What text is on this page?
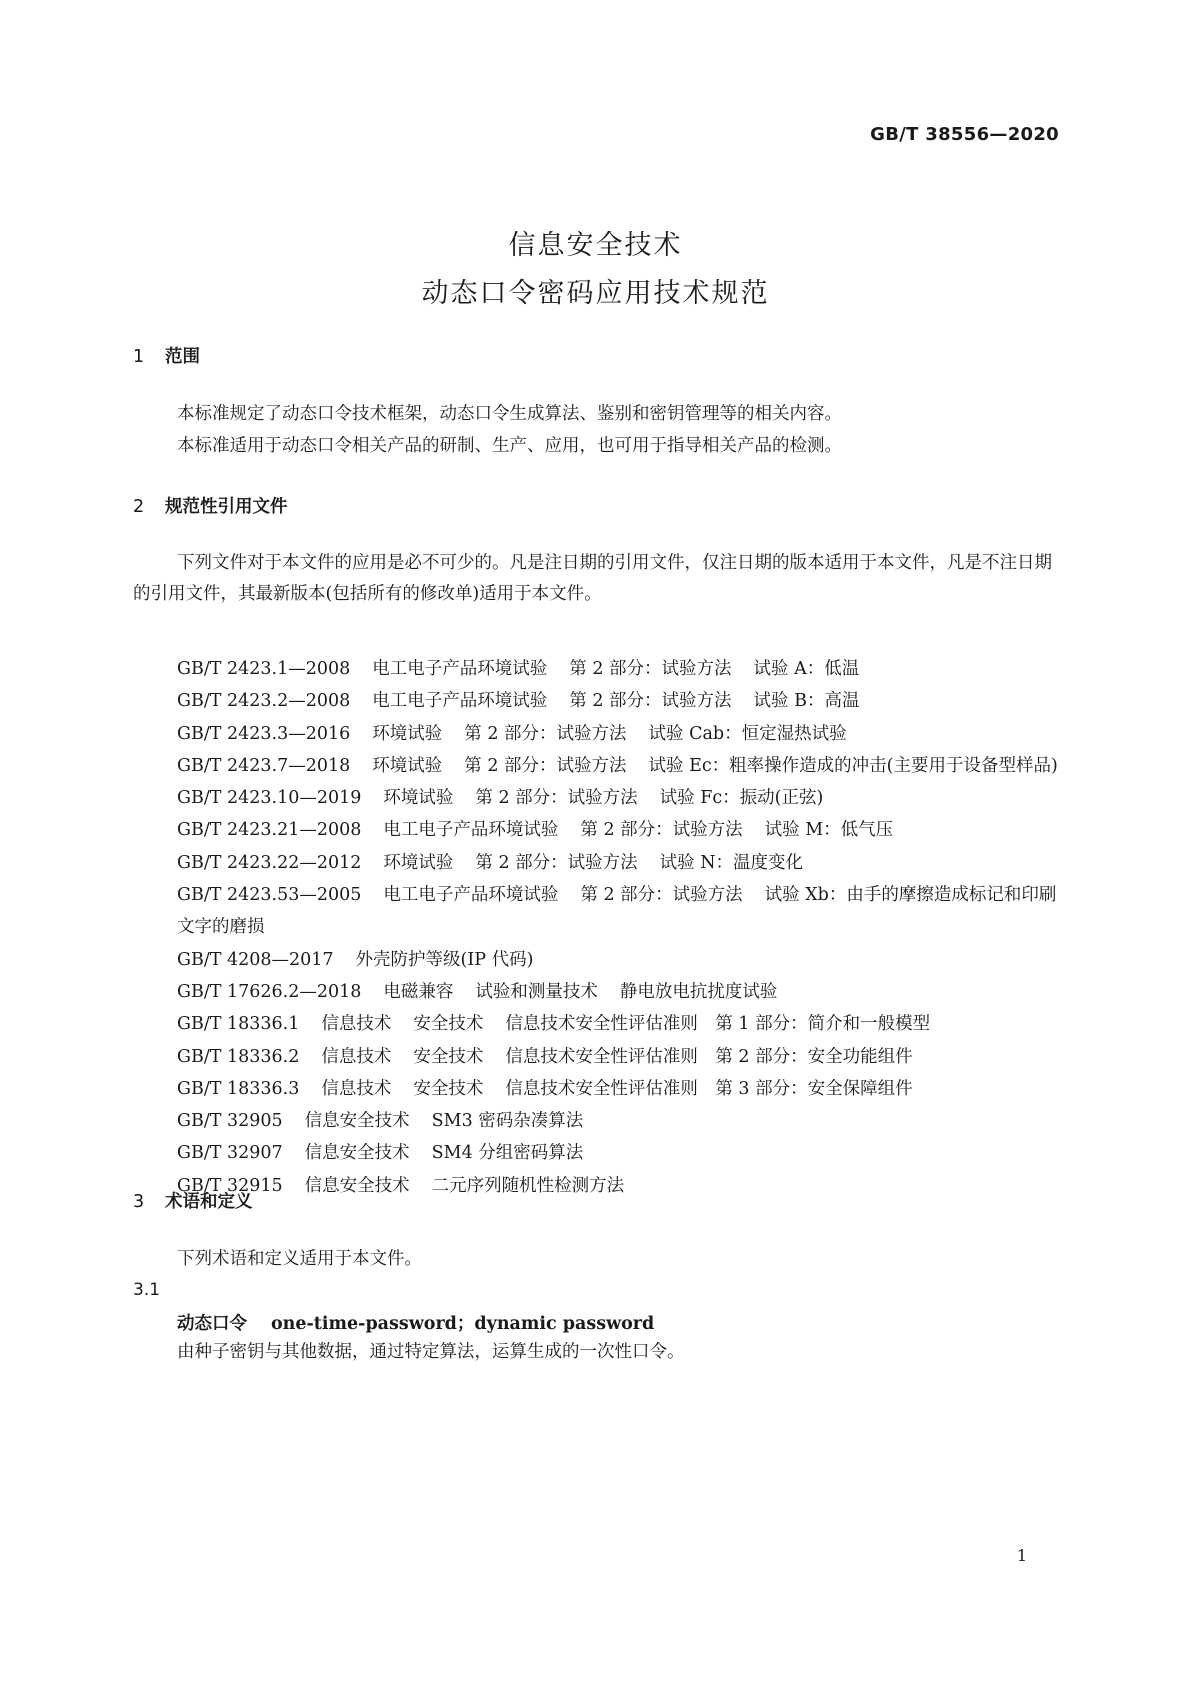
GB/T 38556—2020
信息安全技术
动态口令密码应用技术规范
1 范围
本标准规定了动态口令技术框架，动态口令生成算法、鉴别和密钥管理等的相关内容。
本标准适用于动态口令相关产品的研制、生产、应用，也可用于指导相关产品的检测。
2 规范性引用文件
下列文件对于本文件的应用是必不可少的。凡是注日期的引用文件，仅注日期的版本适用于本文件，凡是不注日期的引用文件，其最新版本(包括所有的修改单)适用于本文件。
GB/T 2423.1—2008 电工电子产品环境试验 第 2 部分：试验方法 试验 A：低温
GB/T 2423.2—2008 电工电子产品环境试验 第 2 部分：试验方法 试验 B：高温
GB/T 2423.3—2016 环境试验 第 2 部分：试验方法 试验 Cab：恒定湿热试验
GB/T 2423.7—2018 环境试验 第 2 部分：试验方法 试验 Ec：粗率操作造成的冲击(主要用于设备型样品)
GB/T 2423.10—2019 环境试验 第 2 部分：试验方法 试验 Fc：振动(正弦)
GB/T 2423.21—2008 电工电子产品环境试验 第 2 部分：试验方法 试验 M：低气压
GB/T 2423.22—2012 环境试验 第 2 部分：试验方法 试验 N：温度变化
GB/T 2423.53—2005 电工电子产品环境试验 第 2 部分：试验方法 试验 Xb：由手的摩擦造成标记和印刷文字的磨损
GB/T 4208—2017 外壳防护等级(IP 代码)
GB/T 17626.2—2018 电磁兼容 试验和测量技术 静电放电抗扰度试验
GB/T 18336.1 信息技术 安全技术 信息技术安全性评估准则　第 1 部分：简介和一般模型
GB/T 18336.2 信息技术 安全技术 信息技术安全性评估准则　第 2 部分：安全功能组件
GB/T 18336.3 信息技术 安全技术 信息技术安全性评估准则　第 3 部分：安全保障组件
GB/T 32905 信息安全技术 SM3 密码杂凑算法
GB/T 32907 信息安全技术 SM4 分组密码算法
GB/T 32915 信息安全技术 二元序列随机性检测方法
3 术语和定义
下列术语和定义适用于本文件。
3.1
动态口令 one-time-password；dynamic password
由种子密钥与其他数据，通过特定算法，运算生成的一次性口令。
1
